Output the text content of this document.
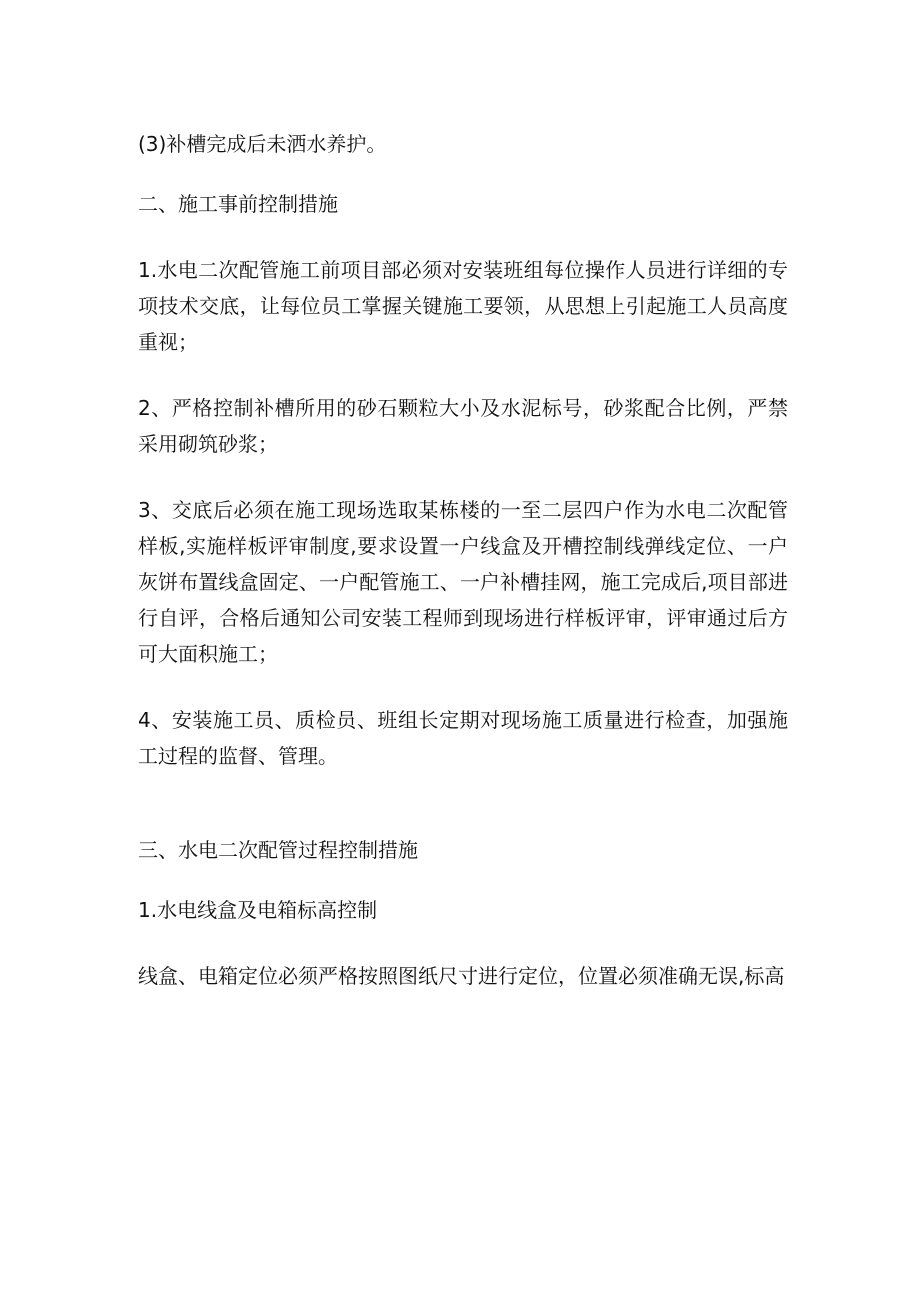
(3)补槽完成后未洒水养护。

二、施工事前控制措施

1.水电二次配管施工前项目部必须对安装班组每位操作人员进行详细的专项技术交底，让每位员工掌握关键施工要领，从思想上引起施工人员高度重视；

2、严格控制补槽所用的砂石颗粒大小及水泥标号，砂浆配合比例，严禁采用砌筑砂浆；

3、交底后必须在施工现场选取某栋楼的一至二层四户作为水电二次配管样板,实施样板评审制度,要求设置一户线盒及开槽控制线弹线定位、一户灰饼布置线盒固定、一户配管施工、一户补槽挂网，施工完成后,项目部进行自评，合格后通知公司安装工程师到现场进行样板评审，评审通过后方可大面积施工；

4、安装施工员、质检员、班组长定期对现场施工质量进行检查，加强施工过程的监督、管理。

三、水电二次配管过程控制措施

1.水电线盒及电箱标高控制

线盒、电箱定位必须严格按照图纸尺寸进行定位，位置必须准确无误,标高
